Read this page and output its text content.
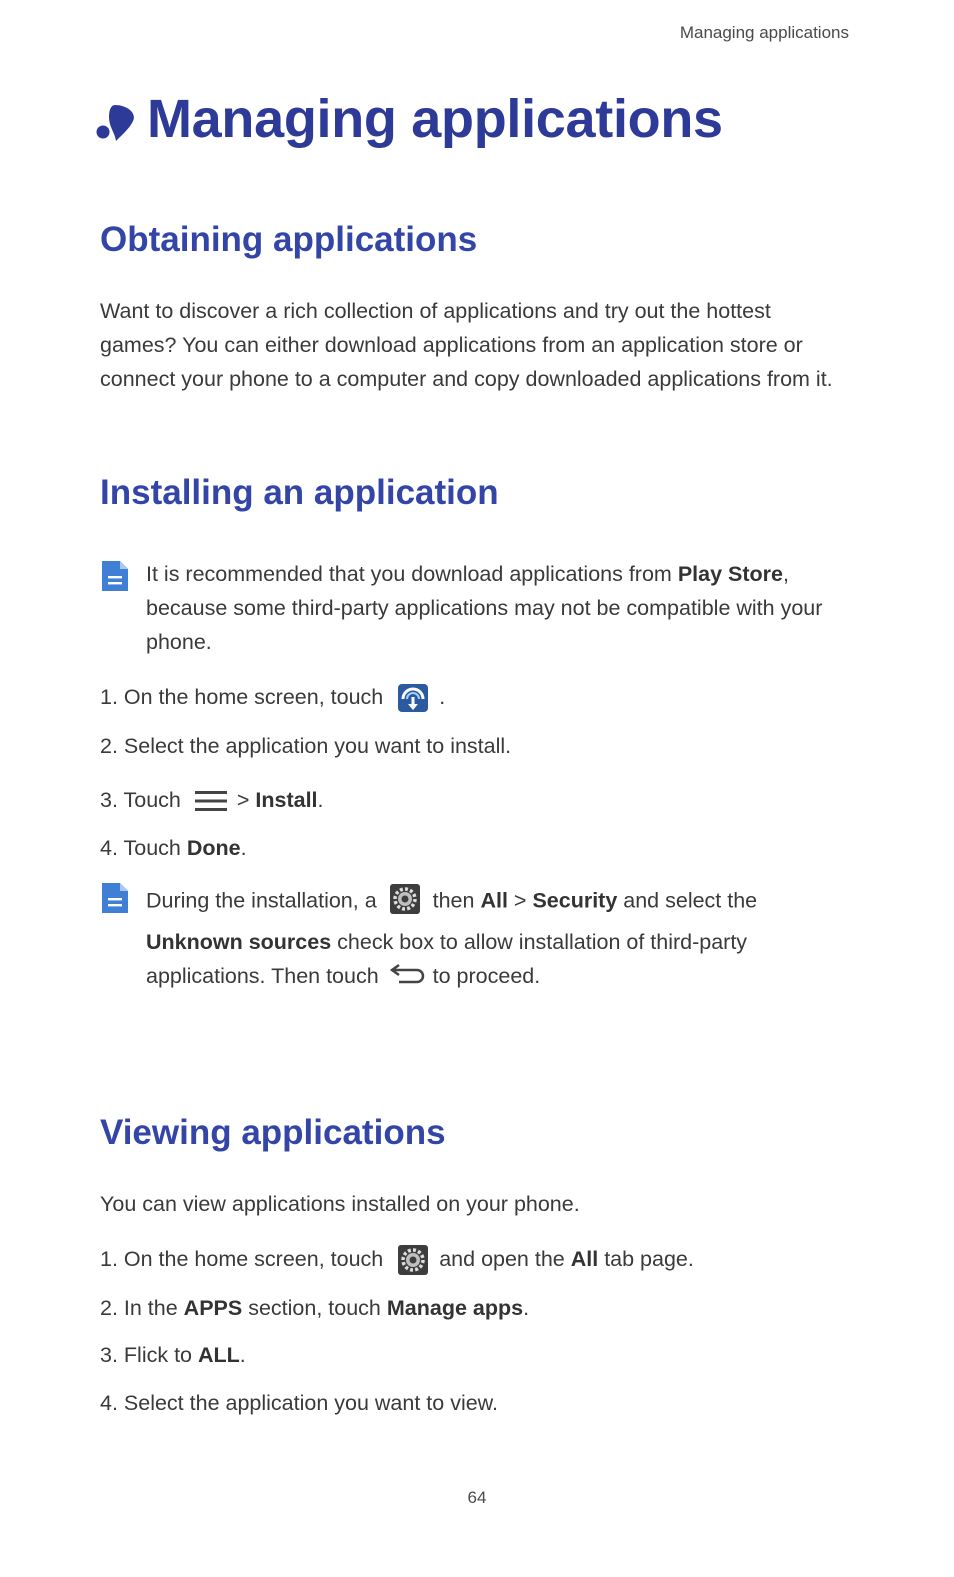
Managing applications
Managing applications
Obtaining applications

Want to discover a rich collection of applications and try out the hottest games? You can either download applications from an application store or connect your phone to a computer and copy downloaded applications from it.

Installing an application
It is recommended that you download applications from Play Store, because some third-party applications may not be compatible with your phone.
1. On the home screen, touch  .
2. Select the application you want to install.
3. Touch  > Install.
4. Touch Done.
During the installation, a  then All > Security and select the Unknown sources check box to allow installation of third-party applications. Then touch  to proceed.
Viewing applications

You can view applications installed on your phone.

1. On the home screen, touch  and open the All tab page.
2. In the APPS section, touch Manage apps.
3. Flick to ALL.
4. Select the application you want to view.
64
